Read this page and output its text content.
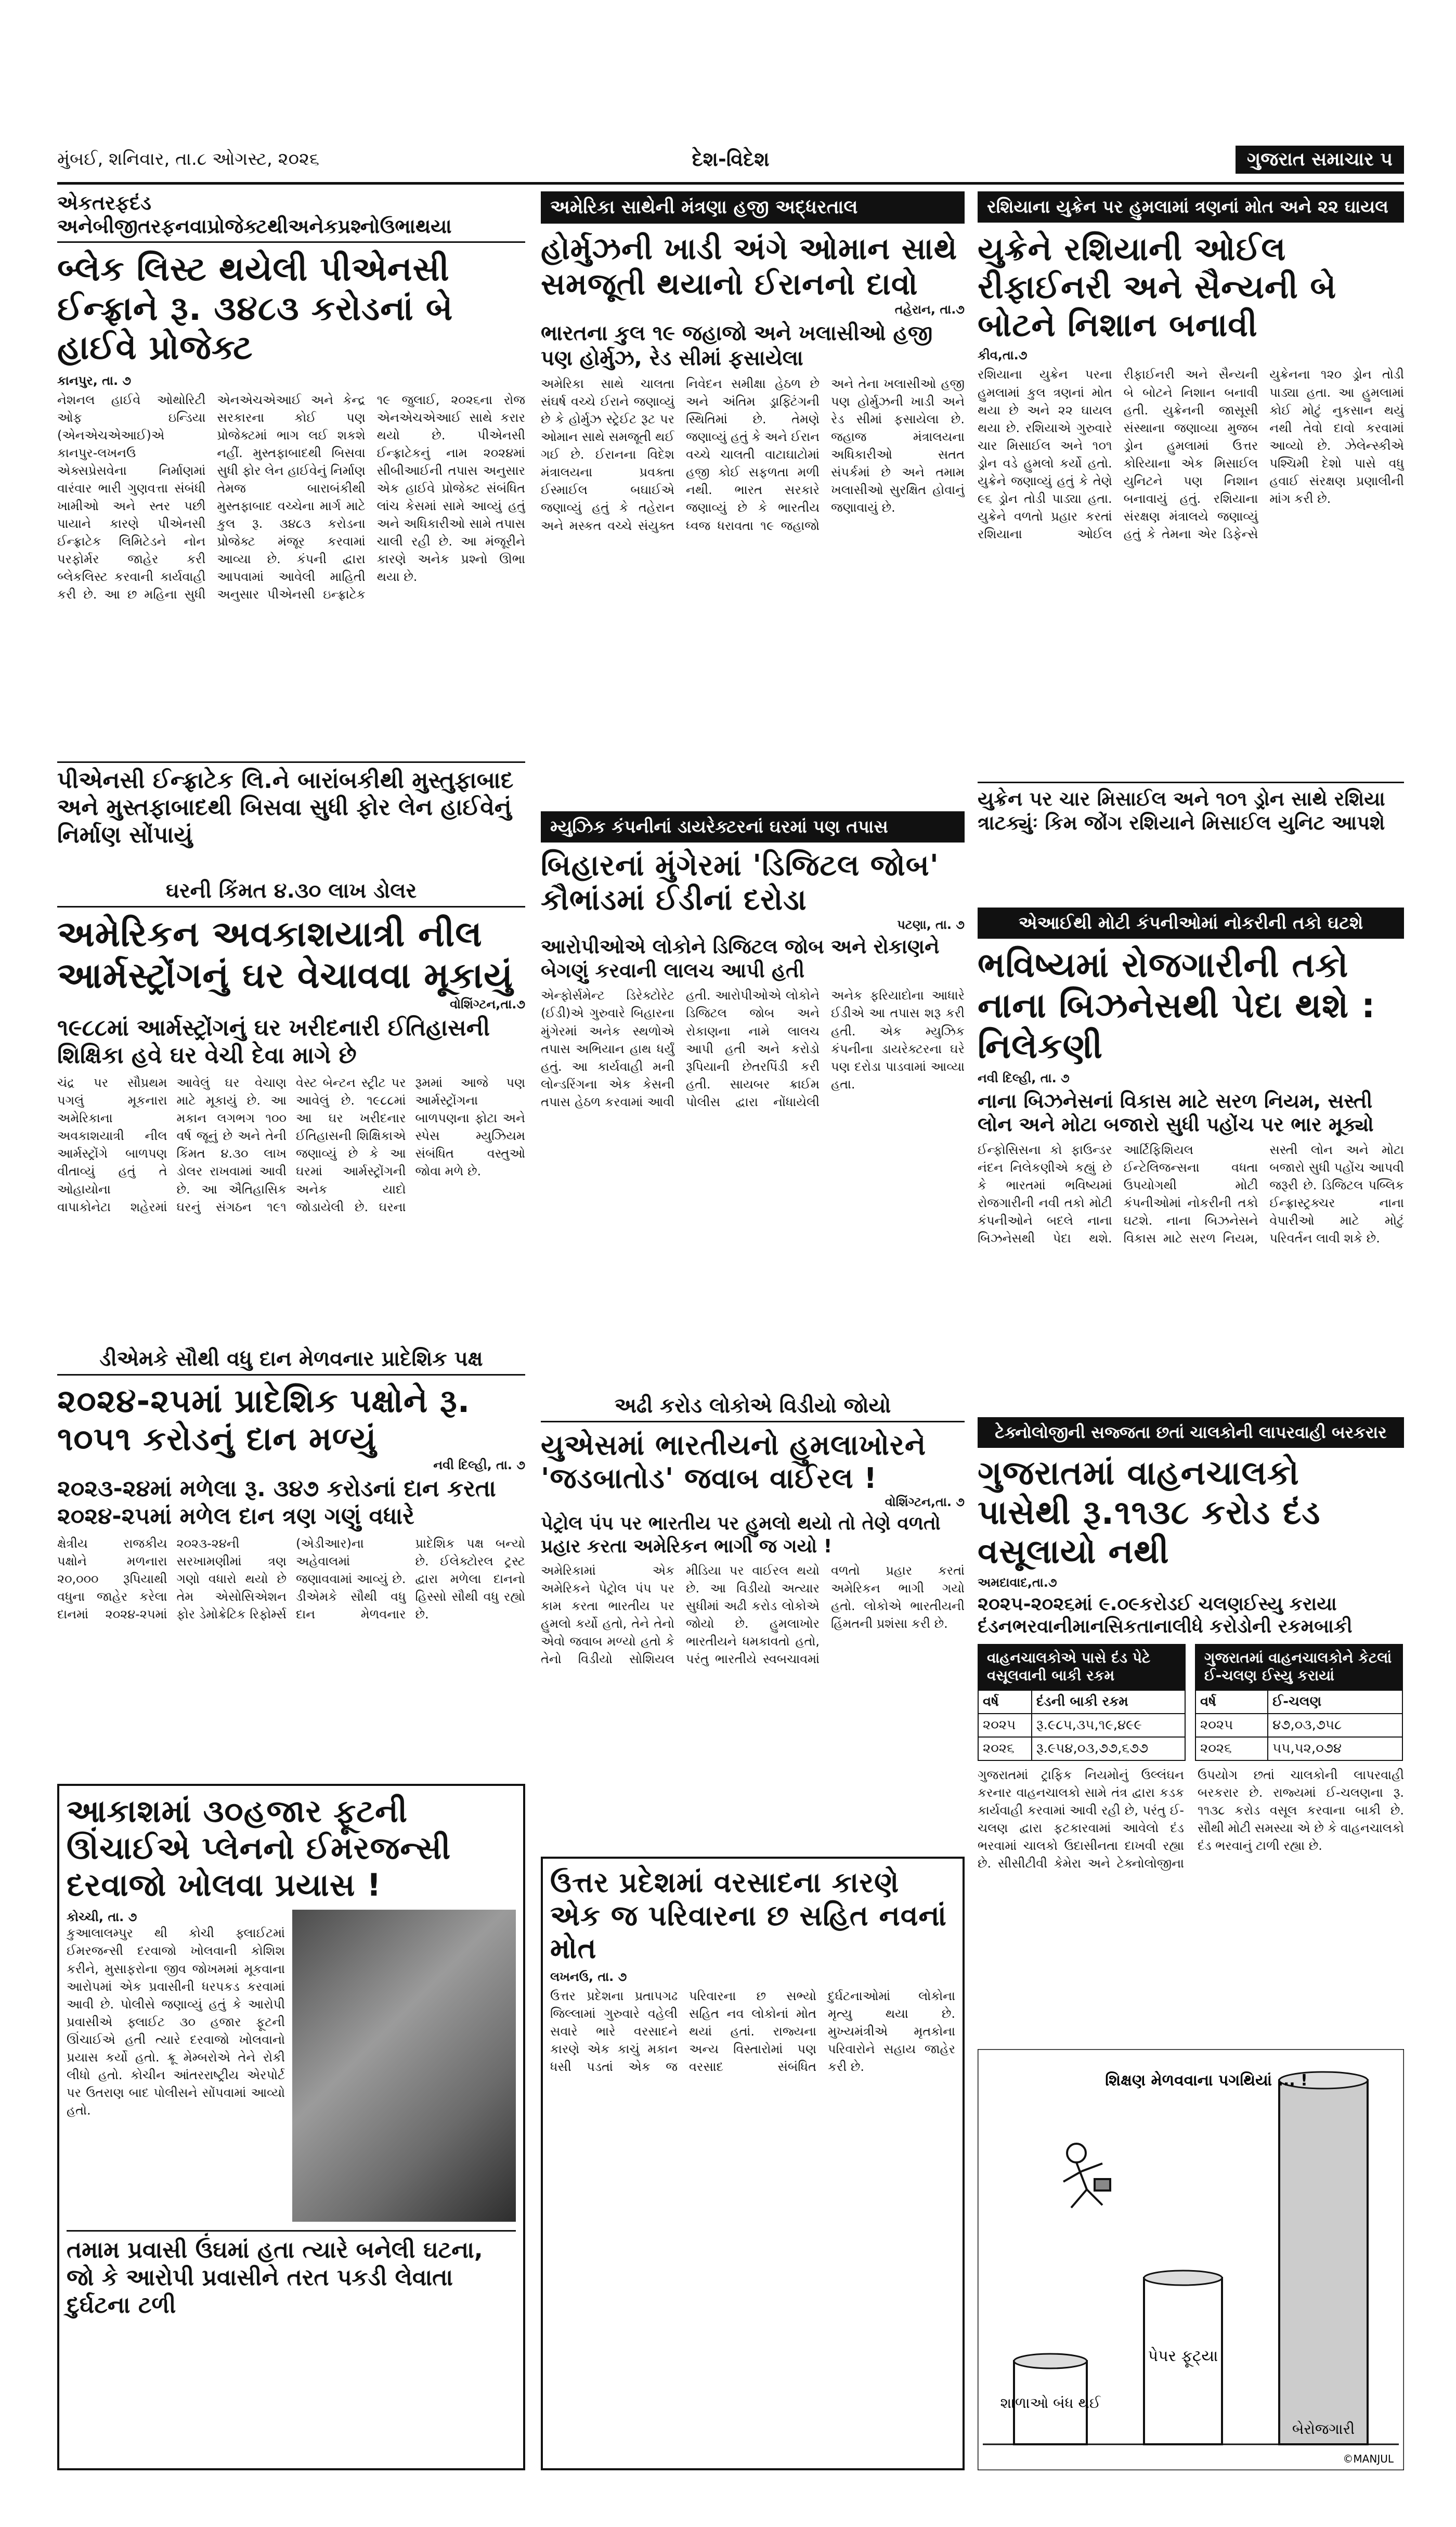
મુંબઈ, શનિવાર, તા.૮ ઓગસ્ટ, ૨૦૨૬	દેશ-વિદેશ	ગુજરાત સમાચાર ૫
એકતરફદંડ અનેબીજીતરફનવાપ્રોજેક્ટથીઅનેકપ્રશ્નોઉભાથયા
બ્લેક લિસ્ટ થયેલી પીએનસી ઈન્ફ્રાને રૂ. ૩૪૮૩ કરોડનાં બે હાઈવે પ્રોજેક્ટ
કાનપુર, તા. ૭
નેશનલ હાઈવે ઓથોરિટી ઓફ ઇન્ડિયા (એનએચએઆઈ)એ કાનપુર-લખનઉ એક્સપ્રેસવેના નિર્માણમાં વારંવાર ભારી ગુણવત્તા સંબંધી ખામીઓ અને સ્તર પછી પાયાને કારણે પીએનસી ઈન્ફ્રાટેક લિમિટેડને નોન પરફોર્મર જાહેર કરી બ્લેકલિસ્ટ કરવાની કાર્યવાહી કરી છે. આ છ મહિના સુધી એનએચએઆઈ અને કેન્દ્ર સરકારના કોઈ પણ પ્રોજેક્ટમાં ભાગ લઈ શકશે નહીં. મુસ્તફાબાદથી બિસવા સુધી ફોર લેન હાઈવેનું નિર્માણ તેમજ બારાબંકીથી મુસ્તફાબાદ વચ્ચેના માર્ગ માટે કુલ રૂ. ૩૪૮૩ કરોડના પ્રોજેક્ટ મંજૂર કરવામાં આવ્યા છે. કંપની દ્વારા આપવામાં આવેલી માહિતી અનુસાર પીએનસી ઇન્ફ્રાટેક ૧૯ જુલાઈ, ૨૦૨૬ના રોજ એનએચએઆઈ સાથે કરાર થયો છે. પીએનસી ઈન્ફ્રાટેકનું નામ ૨૦૨૪માં સીબીઆઈની તપાસ અનુસાર એક હાઈવે પ્રોજેક્ટ સંબંધિત લાંચ કેસમાં સામે આવ્યું હતું અને અધિકારીઓ સામે તપાસ ચાલી રહી છે. આ મંજૂરીને કારણે અનેક પ્રશ્નો ઊભા થયા છે.
પીએનસી ઈન્ફ્રાટેક લિ.ને બારાંબકીથી મુસ્તુફાબાદ અને મુસ્તફાબાદથી બિસવા સુધી ફોર લેન હાઈવેનું નિર્માણ સોંપાયું
અમેરિકા સાથેની મંત્રણા હજી અદ્ધરતાલ
હોર્મુઝની ખાડી અંગે ઓમાન સાથે સમજૂતી થયાનો ઈરાનનો દાવો
તહેરાન, તા.૭
ભારતના કુલ ૧૯ જહાજો અને ખલાસીઓ હજી પણ હોર્મુઝ, રેડ સીમાં ફસાયેલા
અમેરિકા સાથે ચાલતા સંઘર્ષ વચ્ચે ઈરાને જણાવ્યું છે કે હોર્મુઝ સ્ટ્રેઈટ રૂટ પર ઓમાન સાથે સમજૂતી થઈ ગઈ છે. ઈરાનના વિદેશ મંત્રાલયના પ્રવક્તા ઈસ્માઈલ બઘાઈએ જણાવ્યું હતું કે તહેરાન અને મસ્કત વચ્ચે સંયુક્ત નિવેદન સમીક્ષા હેઠળ છે અને અંતિમ ડ્રાફ્ટિંગની સ્થિતિમાં છે. તેમણે જણાવ્યું હતું કે અને ઈરાન વચ્ચે ચાલતી વાટાઘાટોમાં હજી કોઈ સફળતા મળી નથી. ભારત સરકારે જણાવ્યું છે કે ભારતીય ધ્વજ ધરાવતા ૧૯ જહાજો અને તેના ખલાસીઓ હજી પણ હોર્મુઝની ખાડી અને રેડ સીમાં ફસાયેલા છે. જહાજ મંત્રાલયના અધિકારીઓ સતત સંપર્કમાં છે અને તમામ ખલાસીઓ સુરક્ષિત હોવાનું જણાવાયું છે.
રશિયાના યુક્રેન પર હુમલામાં ત્રણનાં મોત અને ૨૨ ઘાયલ
યુક્રેને રશિયાની ઓઈલ રીફાઈનરી અને સૈન્યની બે બોટને નિશાન બનાવી
કીવ,તા.૭
રશિયાના યુક્રેન પરના હુમલામાં કુલ ત્રણનાં મોત થયા છે અને ૨૨ ઘાયલ થયા છે. રશિયાએ ગુરુવારે ચાર મિસાઈલ અને ૧૦૧ ડ્રોન વડે હુમલો કર્યો હતો. યુક્રેને જણાવ્યું હતું કે તેણે ૯૬ ડ્રોન તોડી પાડ્યા હતા. યુક્રેને વળતો પ્રહાર કરતાં રશિયાના ઓઈલ રીફાઈનરી અને સૈન્યની બે બોટને નિશાન બનાવી હતી. યુક્રેનની જાસૂસી સંસ્થાના જણાવ્યા મુજબ ડ્રોન હુમલામાં ઉત્તર કોરિયાના એક મિસાઈલ યુનિટને પણ નિશાન બનાવાયું હતું. રશિયાના સંરક્ષણ મંત્રાલયે જણાવ્યું હતું કે તેમના એર ડિફેન્સે યુક્રેનના ૧૨૦ ડ્રોન તોડી પાડ્યા હતા. આ હુમલામાં કોઈ મોટું નુકસાન થયું નથી તેવો દાવો કરવામાં આવ્યો છે. ઝેલેન્સ્કીએ પશ્ચિમી દેશો પાસે વધુ હવાઈ સંરક્ષણ પ્રણાલીની માંગ કરી છે.
યુક્રેન પર ચાર મિસાઈલ અને ૧૦૧ ડ્રોન સાથે રશિયા ત્રાટક્યુંઃ કિમ જોંગ રશિયાને મિસાઈલ યુનિટ આપશે
ઘરની કિંમત ૪.૩૦ લાખ ડોલર
અમેરિકન અવકાશયાત્રી નીલ આર્મસ્ટ્રોંગનું ઘર વેચાવવા મૂકાયું
વોશિંગ્ટન,તા.૭
૧૯૮૮માં આર્મસ્ટ્રોંગનું ઘર ખરીદનારી ઈતિહાસની શિક્ષિકા હવે ઘર વેચી દેવા માગે છે
ચંદ્ર પર સૌપ્રથમ પગલું મૂકનારા અમેરિકાના અવકાશયાત્રી નીલ આર્મસ્ટ્રોંગે બાળપણ વીતાવ્યું હતું તે ઓહાયોના વાપાકોનેટા શહેરમાં આવેલું ઘર વેચાણ માટે મૂકાયું છે. આ મકાન લગભગ ૧૦૦ વર્ષ જૂનું છે અને તેની કિંમત ૪.૩૦ લાખ ડોલર રાખવામાં આવી છે. આ ઐતિહાસિક ઘરનું સંગઠન ૧૯૧ વેસ્ટ બેન્ટન સ્ટ્રીટ પર આવેલું છે. ૧૯૮૮માં આ ઘર ખરીદનાર ઈતિહાસની શિક્ષિકાએ જણાવ્યું છે કે આ ઘરમાં આર્મસ્ટ્રોંગની અનેક યાદો જોડાયેલી છે. ઘરના રૂમમાં આજે પણ આર્મસ્ટ્રોંગના બાળપણના ફોટા અને સ્પેસ મ્યુઝિયમ સંબંધિત વસ્તુઓ જોવા મળે છે.
મ્યુઝિક કંપનીનાં ડાયરેક્ટરનાં ઘરમાં પણ તપાસ
બિહારનાં મુંગેરમાં 'ડિજિટલ જોબ' કૌભાંડમાં ઈડીનાં દરોડા
પટણા, તા. ૭
આરોપીઓએ લોકોને ડિજિટલ જોબ અને રોકાણને બેગણું કરવાની લાલચ આપી હતી
એન્ફોર્સમેન્ટ ડિરેક્ટોરેટ (ઈડી)એ ગુરુવારે બિહારના મુંગેરમાં અનેક સ્થળોએ તપાસ અભિયાન હાથ ધર્યું હતું. આ કાર્યવાહી મની લોન્ડરિંગના એક કેસની તપાસ હેઠળ કરવામાં આવી હતી. આરોપીઓએ લોકોને ડિજિટલ જોબ અને રોકાણના નામે લાલચ આપી હતી અને કરોડો રૂપિયાની છેતરપિંડી કરી હતી. સાયબર ક્રાઈમ પોલીસ દ્વારા નોંધાયેલી અનેક ફરિયાદોના આધારે ઈડીએ આ તપાસ શરૂ કરી હતી. એક મ્યુઝિક કંપનીના ડાયરેક્ટરના ઘરે પણ દરોડા પાડવામાં આવ્યા હતા.
એઆઈથી મોટી કંપનીઓમાં નોકરીની તકો ઘટશે
ભવિષ્યમાં રોજગારીની તકો નાના બિઝનેસથી પેદા થશે : નિલેકણી
નવી દિલ્હી, તા. ૭
નાના બિઝનેસનાં વિકાસ માટે સરળ નિયમ, સસ્તી લોન અને મોટા બજારો સુધી પહોંચ પર ભાર મૂક્યો
ઈન્ફોસિસના કો ફાઉન્ડર નંદન નિલેકણીએ કહ્યું છે કે ભારતમાં ભવિષ્યમાં રોજગારીની નવી તકો મોટી કંપનીઓને બદલે નાના બિઝનેસથી પેદા થશે. આર્ટિફિશિયલ ઈન્ટેલિજન્સના વધતા ઉપયોગથી મોટી કંપનીઓમાં નોકરીની તકો ઘટશે. નાના બિઝનેસને વિકાસ માટે સરળ નિયમ, સસ્તી લોન અને મોટા બજારો સુધી પહોંચ આપવી જરૂરી છે. ડિજિટલ પબ્લિક ઈન્ફ્રાસ્ટ્રક્ચર નાના વેપારીઓ માટે મોટું પરિવર્તન લાવી શકે છે.
ડીએમકે સૌથી વધુ દાન મેળવનાર પ્રાદેશિક પક્ષ
૨૦૨૪-૨૫માં પ્રાદેશિક પક્ષોને રૂ. ૧૦૫૧ કરોડનું દાન મળ્યું
નવી દિલ્હી, તા. ૭
૨૦૨૩-૨૪માં મળેલા રૂ. ૩૪૭ કરોડનાં દાન કરતા ૨૦૨૪-૨૫માં મળેલ દાન ત્રણ ગણું વધારે
ક્ષેત્રીય રાજકીય પક્ષોને મળનારા ૨૦,૦૦૦ રૂપિયાથી વધુના જાહેર કરેલા દાનમાં ૨૦૨૪-૨૫માં ૨૦૨૩-૨૪ની સરખામણીમાં ત્રણ ગણો વધારો થયો છે તેમ એસોસિએશન ફોર ડેમોક્રેટિક રિફોર્મ્સ (એડીઆર)ના અહેવાલમાં જણાવવામાં આવ્યું છે. ડીએમકે સૌથી વધુ દાન મેળવનાર પ્રાદેશિક પક્ષ બન્યો છે. ઈલેક્ટોરલ ટ્રસ્ટ દ્વારા મળેલા દાનનો હિસ્સો સૌથી વધુ રહ્યો છે.
અઢી કરોડ લોકોએ વિડીયો જોયો
યુએસમાં ભારતીયનો હુમલાખોરને 'જડબાતોડ' જવાબ વાઈરલ !
વોશિંગ્ટન,તા. ૭
પેટ્રોલ પંપ પર ભારતીય પર હુમલો થયો તો તેણે વળતો પ્રહાર કરતા અમેરિકન ભાગી જ ગયો !
અમેરિકામાં એક અમેરિકને પેટ્રોલ પંપ પર કામ કરતા ભારતીય પર હુમલો કર્યો હતો, તેને તેનો એવો જવાબ મળ્યો હતો કે તેનો વિડીયો સોશિયલ મીડિયા પર વાઈરલ થયો છે. આ વિડીયો અત્યાર સુધીમાં અઢી કરોડ લોકોએ જોયો છે. હુમલાખોર ભારતીયને ધમકાવતો હતો, પરંતુ ભારતીયે સ્વબચાવમાં વળતો પ્રહાર કરતાં અમેરિકન ભાગી ગયો હતો. લોકોએ ભારતીયની હિંમતની પ્રશંસા કરી છે.
ટેક્નોલોજીની સજ્જતા છતાં ચાલકોની લાપરવાહી બરકરાર
ગુજરાતમાં વાહનચાલકો પાસેથી રૂ.૧૧૩૮ કરોડ દંડ વસૂલાયો નથી
અમદાવાદ,તા.૭
૨૦૨૫-૨૦૨૬માં ૯.૦૯કરોડઈ ચલણઈસ્યુ કરાયા દંડનભરવાનીમાનસિકતાનાલીધે કરોડોની રકમબાકી
વાહનચાલકોએ પાસે દંડ પેટે વસૂલવાની બાકી રકમ
વર્ષ	દંડની બાકી રકમ
૨૦૨૫	રૂ.૯૮૫,૩૫,૧૯,૪૯૯
૨૦૨૬	રૂ.૯૫૪,૦૩,૭૭,૬૭૭
ગુજરાતમાં વાહનચાલકોને કેટલાં ઈ-ચલણ ઈસ્યુ કરાયાં
વર્ષ	ઈ-ચલણ
૨૦૨૫	૪૭,૦૩,૭૫૮
૨૦૨૬	૫૫,૫૨,૦૭૪
ગુજરાતમાં ટ્રાફિક નિયમોનું ઉલ્લંઘન કરનાર વાહનચાલકો સામે તંત્ર દ્વારા કડક કાર્યવાહી કરવામાં આવી રહી છે, પરંતુ ઈ-ચલણ દ્વારા ફટકારવામાં આવેલો દંડ ભરવામાં ચાલકો ઉદાસીનતા દાખવી રહ્યા છે. સીસીટીવી કેમેરા અને ટેક્નોલોજીના ઉપયોગ છતાં ચાલકોની લાપરવાહી બરકરાર છે. રાજ્યમાં ઈ-ચલણના રૂ. ૧૧૩૮ કરોડ વસૂલ કરવાના બાકી છે. સૌથી મોટી સમસ્યા એ છે કે વાહનચાલકો દંડ ભરવાનું ટાળી રહ્યા છે.
આકાશમાં ૩૦હજાર ફૂટની ઊંચાઈએ પ્લેનનો ઈમરજન્સી દરવાજો ખોલવા પ્રયાસ !
કોચ્ચી, તા. ૭
કુઆલાલમ્પુર થી કોચી ફ્લાઈટમાં ઈમરજન્સી દરવાજો ખોલવાની કોશિશ કરીને, મુસાફરોના જીવ જોખમમાં મૂકવાના આરોપમાં એક પ્રવાસીની ધરપકડ કરવામાં આવી છે. પોલીસે જણાવ્યું હતું કે આરોપી પ્રવાસીએ ફ્લાઈટ ૩૦ હજાર ફૂટની ઊંચાઈએ હતી ત્યારે દરવાજો ખોલવાનો પ્રયાસ કર્યો હતો. ક્રૂ મેમ્બરોએ તેને રોકી લીધો હતો. કોચીન આંતરરાષ્ટ્રીય એરપોર્ટ પર ઉતરાણ બાદ પોલીસને સોંપવામાં આવ્યો હતો.
તમામ પ્રવાસી ઉંઘમાં હતા ત્યારે બનેલી ઘટના, જો કે આરોપી પ્રવાસીને તરત પકડી લેવાતા દુર્ઘટના ટળી
ઉત્તર પ્રદેશમાં વરસાદના કારણે એક જ પરિવારના છ સહિત નવનાં મોત
લખનઉ, તા. ૭
ઉત્તર પ્રદેશના પ્રતાપગઢ જિલ્લામાં ગુરુવારે વહેલી સવારે ભારે વરસાદને કારણે એક કાચું મકાન ધસી પડતાં એક જ પરિવારના છ સભ્યો સહિત નવ લોકોનાં મોત થયાં હતાં. રાજ્યના અન્ય વિસ્તારોમાં પણ વરસાદ સંબંધિત દુર્ઘટનાઓમાં લોકોના મૃત્યુ થયા છે. મુખ્યમંત્રીએ મૃતકોના પરિવારોને સહાય જાહેર કરી છે.
શાળાઓ બંધ થઈ
પેપર ફૂટ્યા
બેરોજગારી
શિક્ષણ મેળવવાના પગથિયાં ... !
©MANJUL
